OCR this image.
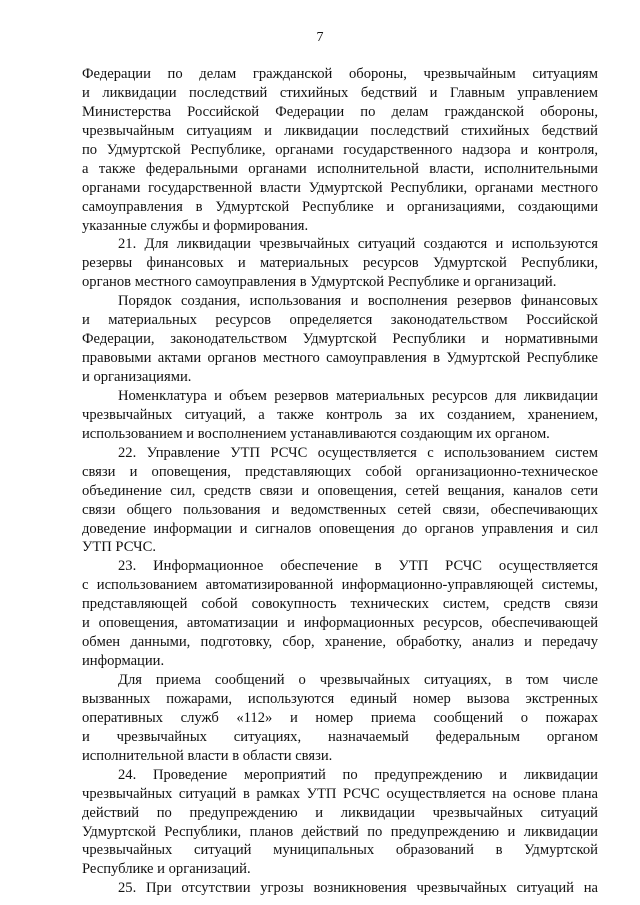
7
Федерации по делам гражданской обороны, чрезвычайным ситуациям
и ликвидации последствий стихийных бедствий и Главным управлением
Министерства Российской Федерации по делам гражданской обороны,
чрезвычайным ситуациям и ликвидации последствий стихийных бедствий
по Удмуртской Республике, органами государственного надзора и контроля,
а также федеральными органами исполнительной власти, исполнительными
органами государственной власти Удмуртской Республики, органами местного
самоуправления в Удмуртской Республике и организациями, создающими
указанные службы и формирования.
21. Для ликвидации чрезвычайных ситуаций создаются и используются
резервы финансовых и материальных ресурсов Удмуртской Республики,
органов местного самоуправления в Удмуртской Республике и организаций.
Порядок создания, использования и восполнения резервов финансовых
и материальных ресурсов определяется законодательством Российской
Федерации, законодательством Удмуртской Республики и нормативными
правовыми актами органов местного самоуправления в Удмуртской Республике
и организациями.
Номенклатура и объем резервов материальных ресурсов для ликвидации
чрезвычайных ситуаций, а также контроль за их созданием, хранением,
использованием и восполнением устанавливаются создающим их органом.
22. Управление УТП РСЧС осуществляется с использованием систем
связи и оповещения, представляющих собой организационно-техническое
объединение сил, средств связи и оповещения, сетей вещания, каналов сети
связи общего пользования и ведомственных сетей связи, обеспечивающих
доведение информации и сигналов оповещения до органов управления и сил
УТП РСЧС.
23. Информационное обеспечение в УТП РСЧС осуществляется
с использованием автоматизированной информационно-управляющей системы,
представляющей собой совокупность технических систем, средств связи
и оповещения, автоматизации и информационных ресурсов, обеспечивающей
обмен данными, подготовку, сбор, хранение, обработку, анализ и передачу
информации.
Для приема сообщений о чрезвычайных ситуациях, в том числе
вызванных пожарами, используются единый номер вызова экстренных
оперативных служб «112» и номер приема сообщений о пожарах
и чрезвычайных ситуациях, назначаемый федеральным органом
исполнительной власти в области связи.
24. Проведение мероприятий по предупреждению и ликвидации
чрезвычайных ситуаций в рамках УТП РСЧС осуществляется на основе плана
действий по предупреждению и ликвидации чрезвычайных ситуаций
Удмуртской Республики, планов действий по предупреждению и ликвидации
чрезвычайных ситуаций муниципальных образований в Удмуртской
Республике и организаций.
25. При отсутствии угрозы возникновения чрезвычайных ситуаций на
